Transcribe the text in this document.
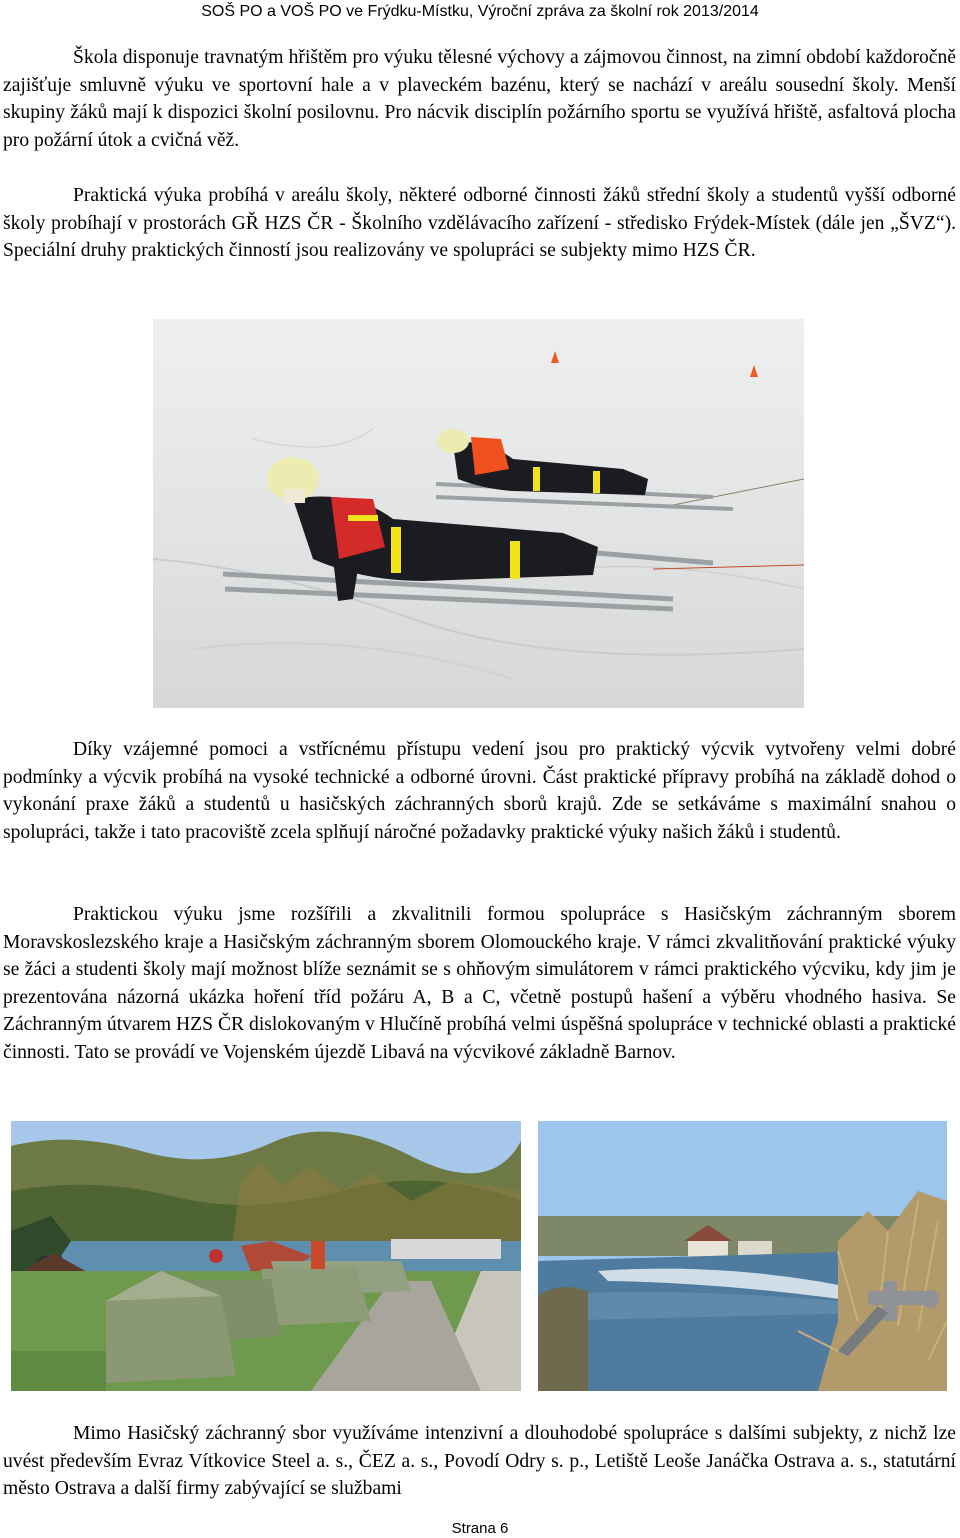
SOŠ PO a VOŠ PO ve Frýdku-Místku, Výroční zpráva za školní rok 2013/2014

Škola disponuje travnatým hřištěm pro výuku tělesné výchovy a zájmovou činnost, na zimní období každoročně zajišťuje smluvně výuku ve sportovní hale a v plaveckém bazénu, který se nachází v areálu sousední školy. Menší skupiny žáků mají k dispozici školní posilovnu. Pro nácvik disciplín požárního sportu se využívá hřiště, asfaltová plocha pro požární útok a cvičná věž.

Praktická výuka probíhá v areálu školy, některé odborné činnosti žáků střední školy a studentů vyšší odborné školy probíhají v prostorách GŘ HZS ČR - Školního vzdělávacího zařízení - středisko Frýdek-Místek (dále jen „ŠVZ“). Speciální druhy praktických činností jsou realizovány ve spolupráci se subjekty mimo HZS ČR.

Díky vzájemné pomoci a vstřícnému přístupu vedení jsou pro praktický výcvik vytvořeny velmi dobré podmínky a výcvik probíhá na vysoké technické a odborné úrovni. Část praktické přípravy probíhá na základě dohod o vykonání praxe žáků a studentů u hasičských záchranných sborů krajů. Zde se setkáváme s maximální snahou o spolupráci, takže i tato pracoviště zcela splňují náročné požadavky praktické výuky našich žáků i studentů.

Praktickou výuku jsme rozšířili a zkvalitnili formou spolupráce s Hasičským záchranným sborem Moravskoslezského kraje a Hasičským záchranným sborem Olomouckého kraje. V rámci zkvalitňování praktické výuky se žáci a studenti školy mají možnost blíže seznámit se s ohňovým simulátorem v rámci praktického výcviku, kdy jim je prezentována názorná ukázka hoření tříd požáru A, B a C, včetně postupů hašení a výběru vhodného hasiva. Se Záchranným útvarem HZS ČR dislokovaným v Hlučíně probíhá velmi úspěšná spolupráce v technické oblasti a praktické činnosti. Tato se provádí ve Vojenském újezdě Libavá na výcvikové základně Barnov.

Mimo Hasičský záchranný sbor využíváme intenzivní a dlouhodobé spolupráce s dalšími subjekty, z nichž lze uvést především Evraz Vítkovice Steel a. s., ČEZ a. s., Povodí Odry s. p., Letiště Leoše Janáčka Ostrava a. s., statutární město Ostrava a další firmy zabývající se službami

Strana 6
